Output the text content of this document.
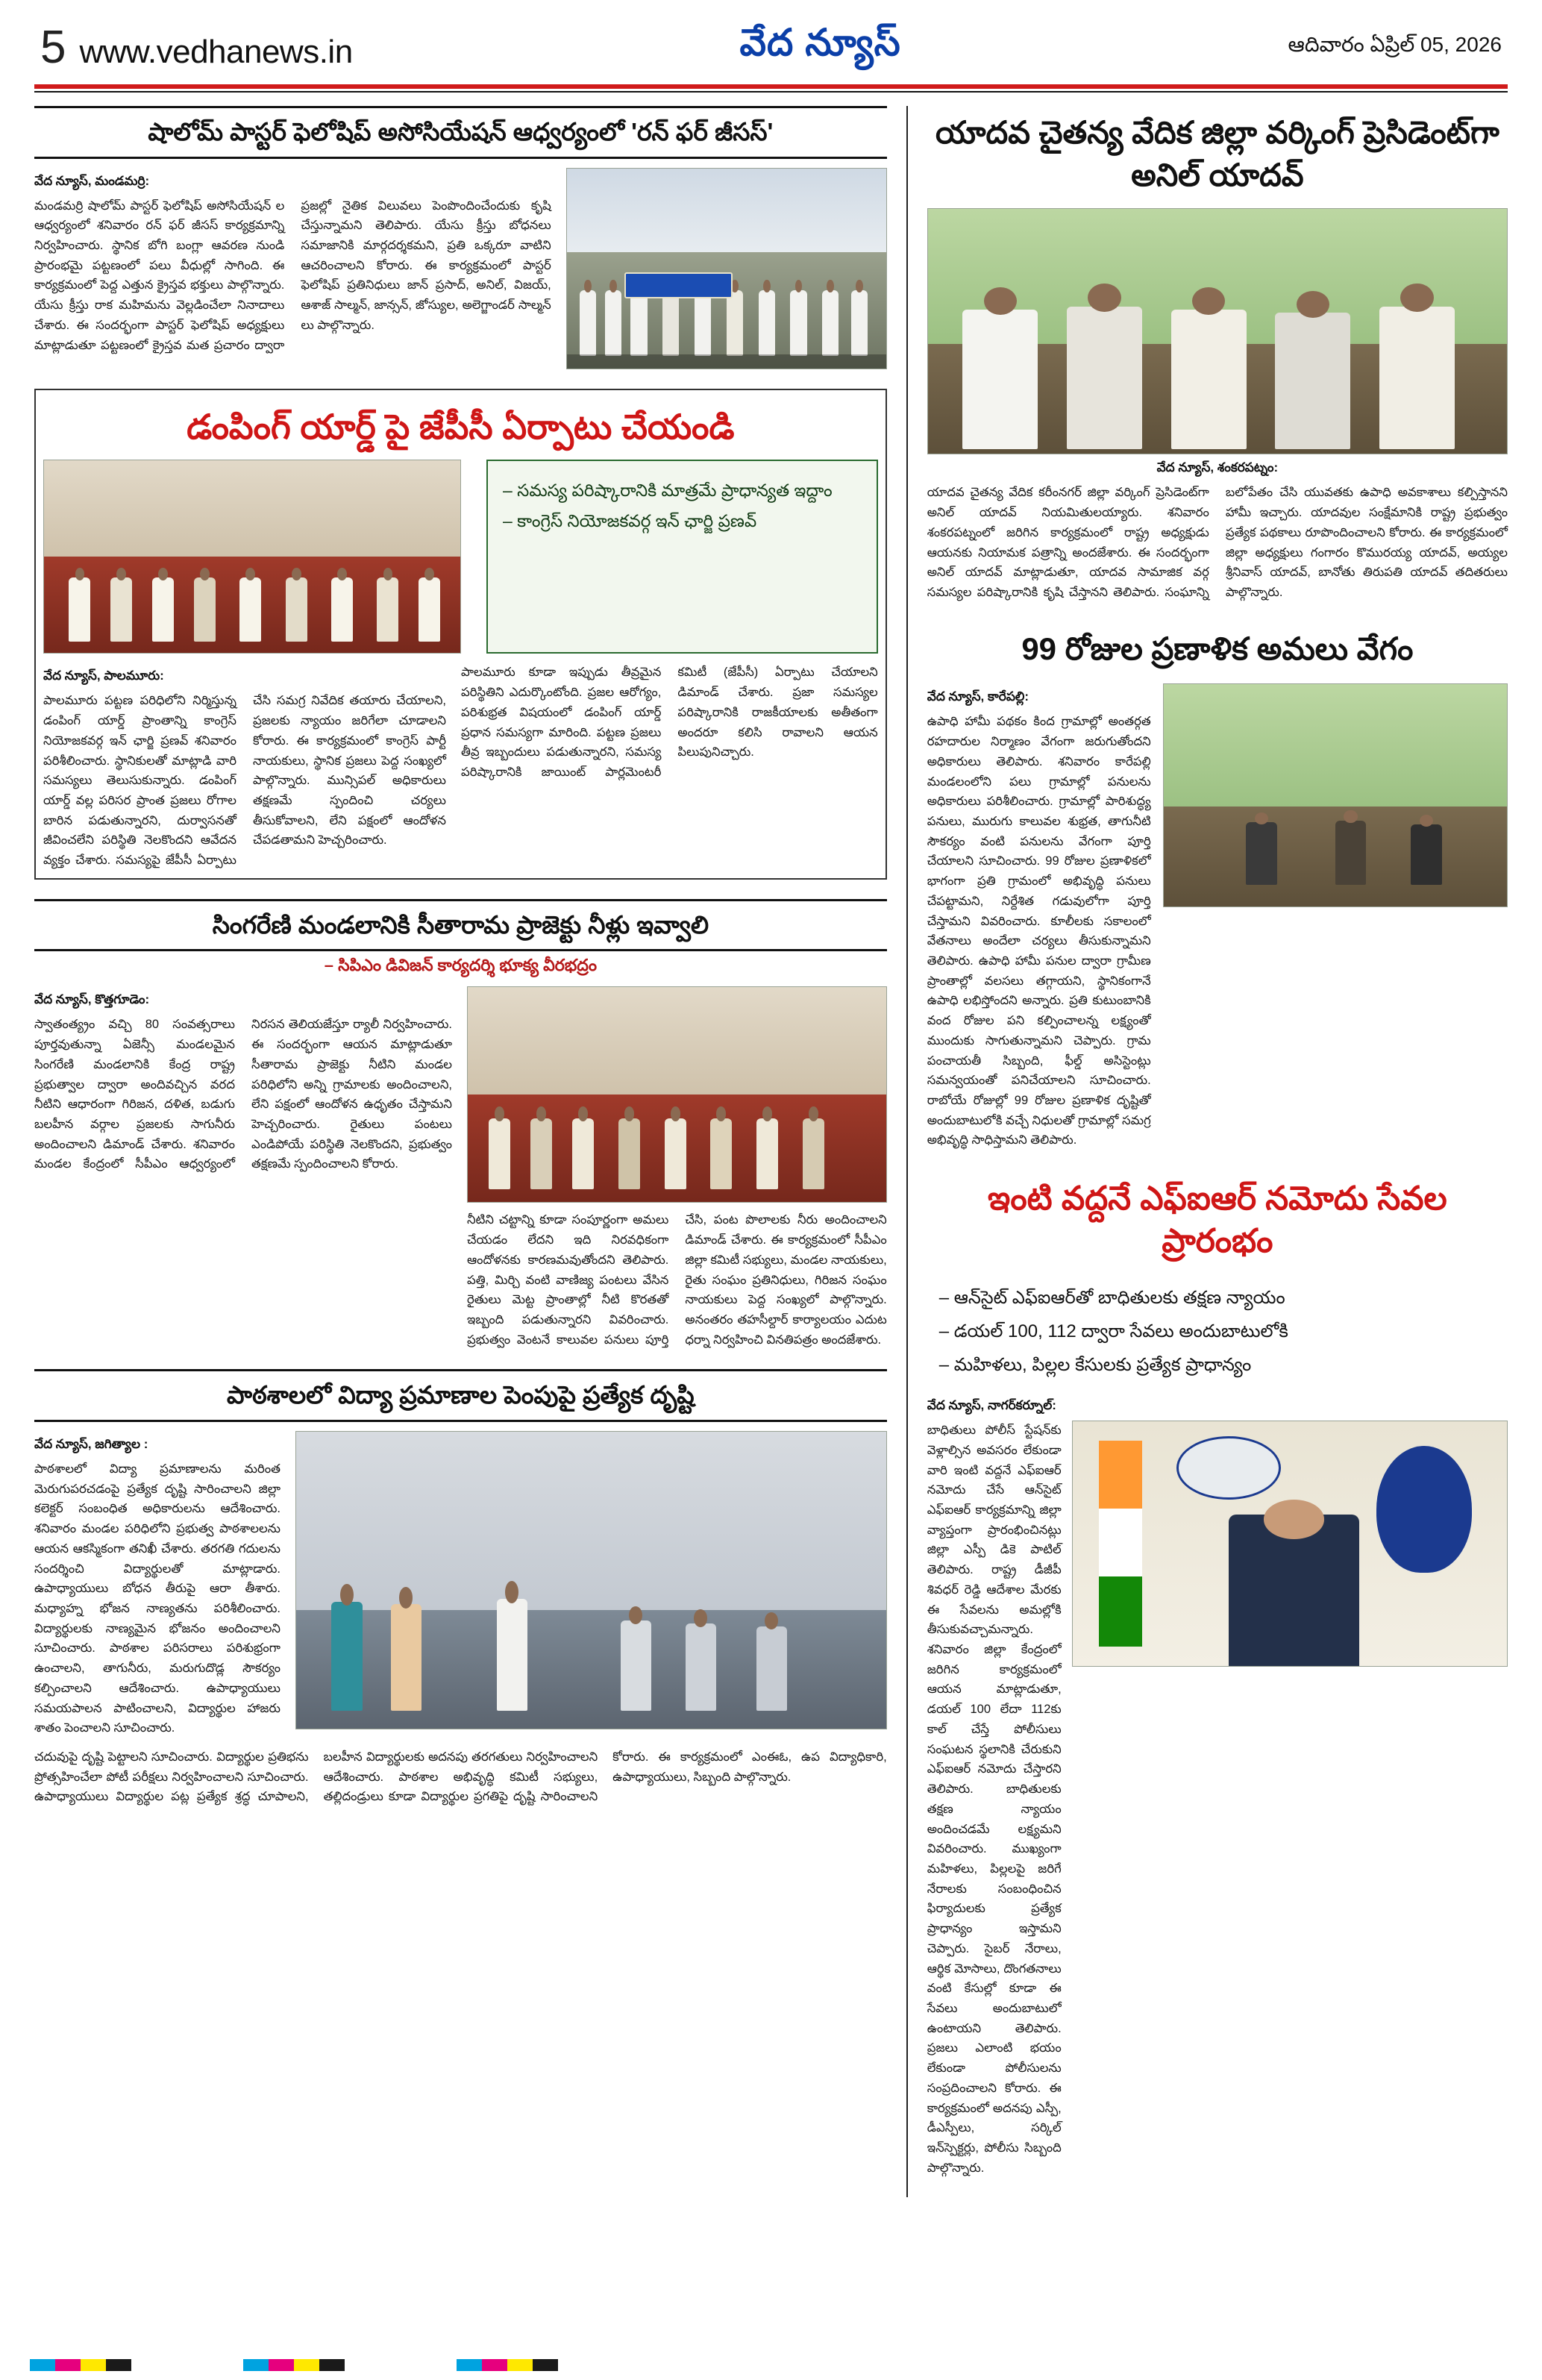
5 www.vedhanews.in	వేద న్యూస్	ఆదివారం ఏప్రిల్ 05, 2026
షాలోమ్ పాస్టర్ ఫెలోషిప్ అసోసియేషన్ ఆధ్వర్యంలో 'రన్ ఫర్ జీసస్'
వేద న్యూస్, మండమర్రి:
మండమర్రి షాలోమ్ పాస్టర్ ఫెలోషిప్ అసోసియేషన్ ల ఆధ్వర్యంలో శనివారం రన్ ఫర్ జీసస్ కార్యక్రమాన్ని నిర్వహించారు. స్థానిక బోగి బంగ్లా ఆవరణ నుండి ప్రారంభమై పట్టణంలో పలు వీధుల్లో సాగింది. ఈ కార్యక్రమంలో పెద్ద ఎత్తున క్రైస్తవ భక్తులు పాల్గొన్నారు. యేసు క్రీస్తు రాక మహిమను వెల్లడించేలా నినాదాలు చేశారు. ఈ సందర్భంగా పాస్టర్ ఫెలోషిప్ అధ్యక్షులు మాట్లాడుతూ పట్టణంలో క్రైస్తవ మత ప్రచారం ద్వారా ప్రజల్లో నైతిక విలువలు పెంపొందించేందుకు కృషి చేస్తున్నామని తెలిపారు. యేసు క్రీస్తు బోధనలు సమాజానికి మార్గదర్శకమని, ప్రతి ఒక్కరూ వాటిని ఆచరించాలని కోరారు. ఈ కార్యక్రమంలో పాస్టర్ ఫెలోషిప్ ప్రతినిధులు జాన్ ప్రసాద్, అనిల్, విజయ్, ఆశాజ్ సాల్మన్, జాన్సన్, జోస్యుల, అలెగ్జాండర్ సాల్మన్ లు పాల్గొన్నారు.
డంపింగ్ యార్డ్ పై జేపీసీ ఏర్పాటు చేయండి
– సమస్య పరిష్కారానికి మాత్రమే ప్రాధాన్యత ఇద్దాం
– కాంగ్రెస్ నియోజకవర్గ ఇన్ ఛార్జి ప్రణవ్
వేద న్యూస్, పాలమూరు:
పాలమూరు పట్టణ పరిధిలోని నిర్మిస్తున్న డంపింగ్ యార్డ్ ప్రాంతాన్ని కాంగ్రెస్ నియోజకవర్గ ఇన్ ఛార్జి ప్రణవ్ శనివారం పరిశీలించారు. స్థానికులతో మాట్లాడి వారి సమస్యలు తెలుసుకున్నారు. డంపింగ్ యార్డ్ వల్ల పరిసర ప్రాంత ప్రజలు రోగాల బారిన పడుతున్నారని, దుర్వాసనతో జీవించలేని పరిస్థితి నెలకొందని ఆవేదన వ్యక్తం చేశారు. సమస్యపై జేపీసీ ఏర్పాటు చేసి సమగ్ర నివేదిక తయారు చేయాలని, ప్రజలకు న్యాయం జరిగేలా చూడాలని కోరారు. ఈ కార్యక్రమంలో కాంగ్రెస్ పార్టీ నాయకులు, స్థానిక ప్రజలు పెద్ద సంఖ్యలో పాల్గొన్నారు. మున్సిపల్ అధికారులు తక్షణమే స్పందించి చర్యలు తీసుకోవాలని, లేని పక్షంలో ఆందోళన చేపడతామని హెచ్చరించారు.
పాలమూరు కూడా ఇప్పుడు తీవ్రమైన పరిస్థితిని ఎదుర్కొంటోంది. ప్రజల ఆరోగ్యం, పరిశుభ్రత విషయంలో డంపింగ్ యార్డ్ ప్రధాన సమస్యగా మారింది. పట్టణ ప్రజలు తీవ్ర ఇబ్బందులు పడుతున్నారని, సమస్య పరిష్కారానికి జాయింట్ పార్లమెంటరీ కమిటీ (జేపీసీ) ఏర్పాటు చేయాలని డిమాండ్ చేశారు. ప్రజా సమస్యల పరిష్కారానికి రాజకీయాలకు అతీతంగా అందరూ కలిసి రావాలని ఆయన పిలుపునిచ్చారు.
సింగరేణి మండలానికి సీతారామ ప్రాజెక్టు నీళ్లు ఇవ్వాలి
– సిపిఎం డివిజన్ కార్యదర్శి భూక్య వీరభద్రం
వేద న్యూస్, కొత్తగూడెం:
స్వాతంత్య్రం వచ్చి 80 సంవత్సరాలు పూర్తవుతున్నా ఏజెన్సీ మండలమైన సింగరేణి మండలానికి కేంద్ర రాష్ట్ర ప్రభుత్వాల ద్వారా అందివచ్చిన వరద నీటిని ఆధారంగా గిరిజన, దళిత, బడుగు బలహీన వర్గాల ప్రజలకు సాగునీరు అందించాలని డిమాండ్ చేశారు. శనివారం మండల కేంద్రంలో సీపీఎం ఆధ్వర్యంలో నిరసన తెలియజేస్తూ ర్యాలీ నిర్వహించారు. ఈ సందర్భంగా ఆయన మాట్లాడుతూ సీతారామ ప్రాజెక్టు నీటిని మండల పరిధిలోని అన్ని గ్రామాలకు అందించాలని, లేని పక్షంలో ఆందోళన ఉధృతం చేస్తామని హెచ్చరించారు. రైతులు పంటలు ఎండిపోయే పరిస్థితి నెలకొందని, ప్రభుత్వం తక్షణమే స్పందించాలని కోరారు.
నీటిని చట్టాన్ని కూడా సంపూర్ణంగా అమలు చేయడం లేదని ఇది నిరవధికంగా ఆందోళనకు కారణమవుతోందని తెలిపారు. పత్తి, మిర్చి వంటి వాణిజ్య పంటలు వేసిన రైతులు మెట్ట ప్రాంతాల్లో నీటి కొరతతో ఇబ్బంది పడుతున్నారని వివరించారు. ప్రభుత్వం వెంటనే కాలువల పనులు పూర్తి చేసి, పంట పొలాలకు నీరు అందించాలని డిమాండ్ చేశారు. ఈ కార్యక్రమంలో సీపీఎం జిల్లా కమిటీ సభ్యులు, మండల నాయకులు, రైతు సంఘం ప్రతినిధులు, గిరిజన సంఘం నాయకులు పెద్ద సంఖ్యలో పాల్గొన్నారు. అనంతరం తహసీల్దార్ కార్యాలయం ఎదుట ధర్నా నిర్వహించి వినతిపత్రం అందజేశారు.
పాఠశాలలో విద్యా ప్రమాణాల పెంపుపై ప్రత్యేక దృష్టి
వేద న్యూస్, జగిత్యాల :
పాఠశాలలో విద్యా ప్రమాణాలను మరింత మెరుగుపరచడంపై ప్రత్యేక దృష్టి సారించాలని జిల్లా కలెక్టర్ సంబంధిత అధికారులను ఆదేశించారు. శనివారం మండల పరిధిలోని ప్రభుత్వ పాఠశాలలను ఆయన ఆకస్మికంగా తనిఖీ చేశారు. తరగతి గదులను సందర్శించి విద్యార్థులతో మాట్లాడారు. ఉపాధ్యాయులు బోధన తీరుపై ఆరా తీశారు. మధ్యాహ్న భోజన నాణ్యతను పరిశీలించారు. విద్యార్థులకు నాణ్యమైన భోజనం అందించాలని సూచించారు. పాఠశాల పరిసరాలు పరిశుభ్రంగా ఉంచాలని, తాగునీరు, మరుగుదొడ్ల సౌకర్యం కల్పించాలని ఆదేశించారు. ఉపాధ్యాయులు సమయపాలన పాటించాలని, విద్యార్థుల హాజరు శాతం పెంచాలని సూచించారు.
చదువుపై దృష్టి పెట్టాలని సూచించారు. విద్యార్థుల ప్రతిభను ప్రోత్సహించేలా పోటీ పరీక్షలు నిర్వహించాలని సూచించారు. ఉపాధ్యాయులు విద్యార్థుల పట్ల ప్రత్యేక శ్రద్ధ చూపాలని, బలహీన విద్యార్థులకు అదనపు తరగతులు నిర్వహించాలని ఆదేశించారు. పాఠశాల అభివృద్ధి కమిటీ సభ్యులు, తల్లిదండ్రులు కూడా విద్యార్థుల ప్రగతిపై దృష్టి సారించాలని కోరారు. ఈ కార్యక్రమంలో ఎంఈఓ, ఉప విద్యాధికారి, ఉపాధ్యాయులు, సిబ్బంది పాల్గొన్నారు.
యాదవ చైతన్య వేదిక జిల్లా వర్కింగ్ ప్రెసిడెంట్‌గా అనిల్ యాదవ్
వేద న్యూస్, శంకరపట్నం:
యాదవ చైతన్య వేదిక కరీంనగర్ జిల్లా వర్కింగ్ ప్రెసిడెంట్‌గా అనిల్ యాదవ్ నియమితులయ్యారు. శనివారం శంకరపట్నంలో జరిగిన కార్యక్రమంలో రాష్ట్ర అధ్యక్షుడు ఆయనకు నియామక పత్రాన్ని అందజేశారు. ఈ సందర్భంగా అనిల్ యాదవ్ మాట్లాడుతూ, యాదవ సామాజిక వర్గ సమస్యల పరిష్కారానికి కృషి చేస్తానని తెలిపారు. సంఘాన్ని బలోపేతం చేసి యువతకు ఉపాధి అవకాశాలు కల్పిస్తానని హామీ ఇచ్చారు. యాదవుల సంక్షేమానికి రాష్ట్ర ప్రభుత్వం ప్రత్యేక పథకాలు రూపొందించాలని కోరారు. ఈ కార్యక్రమంలో జిల్లా అధ్యక్షులు గంగారం కొమురయ్య యాదవ్, అయ్యల శ్రీనివాస్ యాదవ్, బానోతు తిరుపతి యాదవ్ తదితరులు పాల్గొన్నారు.
99 రోజుల ప్రణాళిక అమలు వేగం
వేద న్యూస్, కారేపల్లి:
ఉపాధి హామీ పథకం కింద గ్రామాల్లో అంతర్గత రహదారుల నిర్మాణం వేగంగా జరుగుతోందని అధికారులు తెలిపారు. శనివారం కారేపల్లి మండలంలోని పలు గ్రామాల్లో పనులను అధికారులు పరిశీలించారు. గ్రామాల్లో పారిశుద్ధ్య పనులు, మురుగు కాలువల శుభ్రత, తాగునీటి సౌకర్యం వంటి పనులను వేగంగా పూర్తి చేయాలని సూచించారు. 99 రోజుల ప్రణాళికలో భాగంగా ప్రతి గ్రామంలో అభివృద్ధి పనులు చేపట్టామని, నిర్దేశిత గడువులోగా పూర్తి చేస్తామని వివరించారు. కూలీలకు సకాలంలో వేతనాలు అందేలా చర్యలు తీసుకున్నామని తెలిపారు. ఉపాధి హామీ పనుల ద్వారా గ్రామీణ ప్రాంతాల్లో వలసలు తగ్గాయని, స్థానికంగానే ఉపాధి లభిస్తోందని అన్నారు. ప్రతి కుటుంబానికి వంద రోజుల పని కల్పించాలన్న లక్ష్యంతో ముందుకు సాగుతున్నామని చెప్పారు. గ్రామ పంచాయతీ సిబ్బంది, ఫీల్డ్ అసిస్టెంట్లు సమన్వయంతో పనిచేయాలని సూచించారు. రాబోయే రోజుల్లో 99 రోజుల ప్రణాళిక దృష్టితో అందుబాటులోకి వచ్చే నిధులతో గ్రామాల్లో సమగ్ర అభివృద్ధి సాధిస్తామని తెలిపారు.
ఇంటి వద్దనే ఎఫ్ఐఆర్ నమోదు సేవల ప్రారంభం
– ఆన్‌సైట్ ఎఫ్ఐఆర్‌తో బాధితులకు తక్షణ న్యాయం
– డయల్ 100, 112 ద్వారా సేవలు అందుబాటులోకి
– మహిళలు, పిల్లల కేసులకు ప్రత్యేక ప్రాధాన్యం
వేద న్యూస్, నాగర్‌కర్నూల్:
బాధితులు పోలీస్ స్టేషన్‌కు వెళ్లాల్సిన అవసరం లేకుండా వారి ఇంటి వద్దనే ఎఫ్ఐఆర్ నమోదు చేసే ఆన్‌సైట్ ఎఫ్ఐఆర్ కార్యక్రమాన్ని జిల్లా వ్యాప్తంగా ప్రారంభించినట్లు జిల్లా ఎస్పీ డికె పాటిల్ తెలిపారు. రాష్ట్ర డీజీపీ శివధర్ రెడ్డి ఆదేశాల మేరకు ఈ సేవలను అమల్లోకి తీసుకువచ్చామన్నారు. శనివారం జిల్లా కేంద్రంలో జరిగిన కార్యక్రమంలో ఆయన మాట్లాడుతూ, డయల్ 100 లేదా 112కు కాల్ చేస్తే పోలీసులు సంఘటన స్థలానికి చేరుకుని ఎఫ్ఐఆర్ నమోదు చేస్తారని తెలిపారు. బాధితులకు తక్షణ న్యాయం అందించడమే లక్ష్యమని వివరించారు. ముఖ్యంగా మహిళలు, పిల్లలపై జరిగే నేరాలకు సంబంధించిన ఫిర్యాదులకు ప్రత్యేక ప్రాధాన్యం ఇస్తామని చెప్పారు. సైబర్ నేరాలు, ఆర్థిక మోసాలు, దొంగతనాలు వంటి కేసుల్లో కూడా ఈ సేవలు అందుబాటులో ఉంటాయని తెలిపారు. ప్రజలు ఎలాంటి భయం లేకుండా పోలీసులను సంప్రదించాలని కోరారు. ఈ కార్యక్రమంలో అదనపు ఎస్పీ, డీఎస్పీలు, సర్కిల్ ఇన్‌స్పెక్టర్లు, పోలీసు సిబ్బంది పాల్గొన్నారు.
